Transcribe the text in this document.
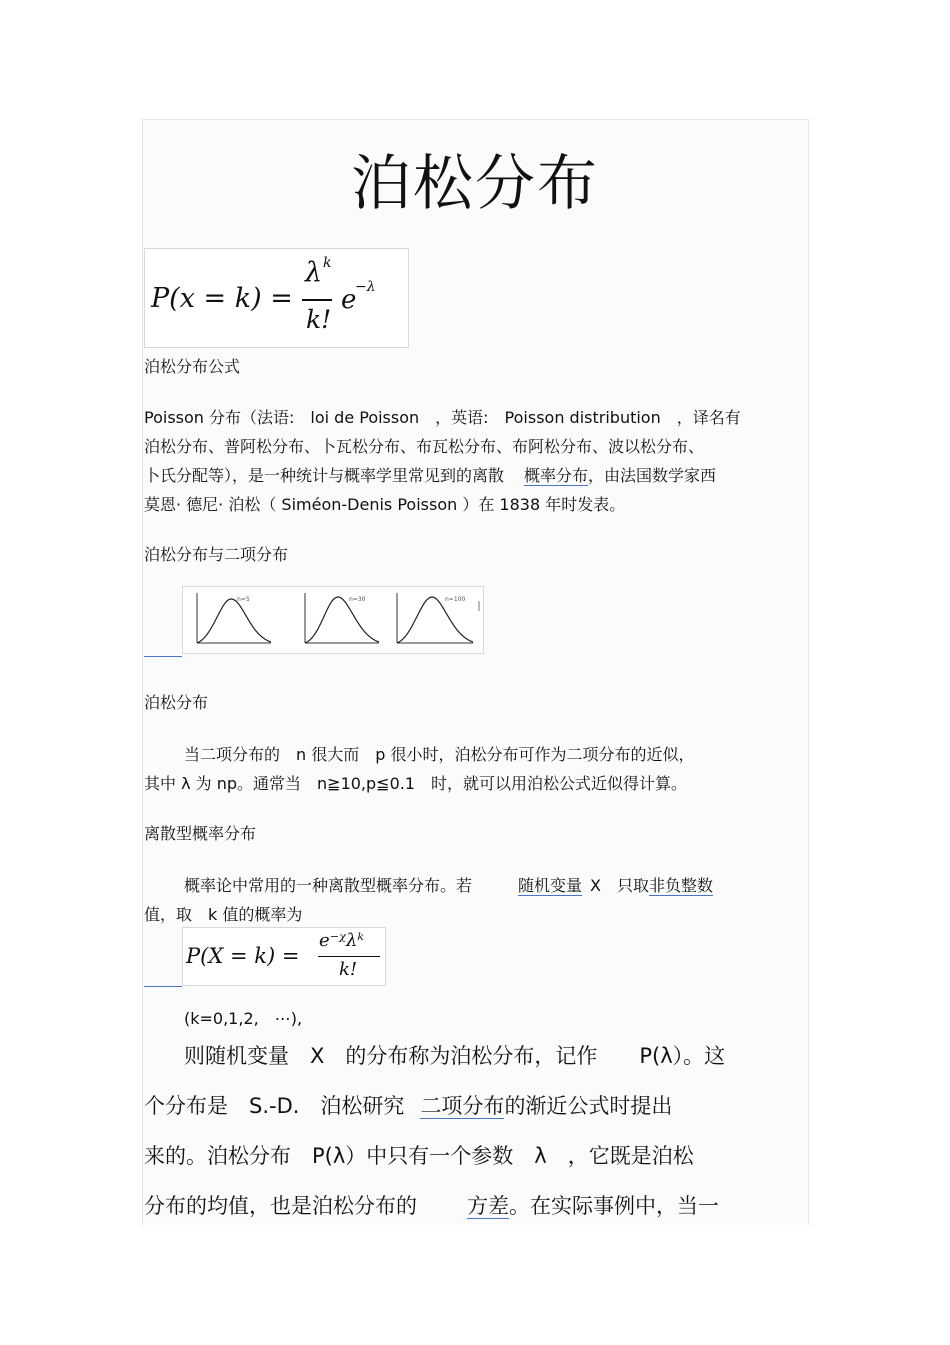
泊松分布
P(x = k) =
λ k
k!
e
−λ
泊松分布公式
Poisson 分布（法语:　loi de Poisson　，英语:　Poisson distribution　，译名有
泊松分布、普阿松分布、卜瓦松分布、布瓦松分布、布阿松分布、波以松分布、
卜氏分配等），是一种统计与概率学里常见到的离散 概率分布，由法国数学家西
莫恩· 德尼· 泊松（ Siméon-Denis Poisson ）在 1838 年时发表。
泊松分布与二项分布
n=5	n=30	n=100
泊松分布
当二项分布的　n 很大而　p 很小时，泊松分布可作为二项分布的近似，
其中 λ 为 np。通常当　n≧10,p≦0.1　时，就可以用泊松公式近似得计算。
离散型概率分布
概率论中常用的一种离散型概率分布。若	随机变量 X　只取非负整数
值，取　k 值的概率为
P(X = k) =
e⁻ᵡλᵏ
k!
(k=0,1,2,　⋯),
则随机变量　X　的分布称为泊松分布，记作　　P(λ）。这
个分布是　S.-D.　泊松研究 二项分布的渐近公式时提出
来的。泊松分布　P(λ）中只有一个参数　λ　，它既是泊松
分布的均值，也是泊松分布的 方差。在实际事例中，当一
